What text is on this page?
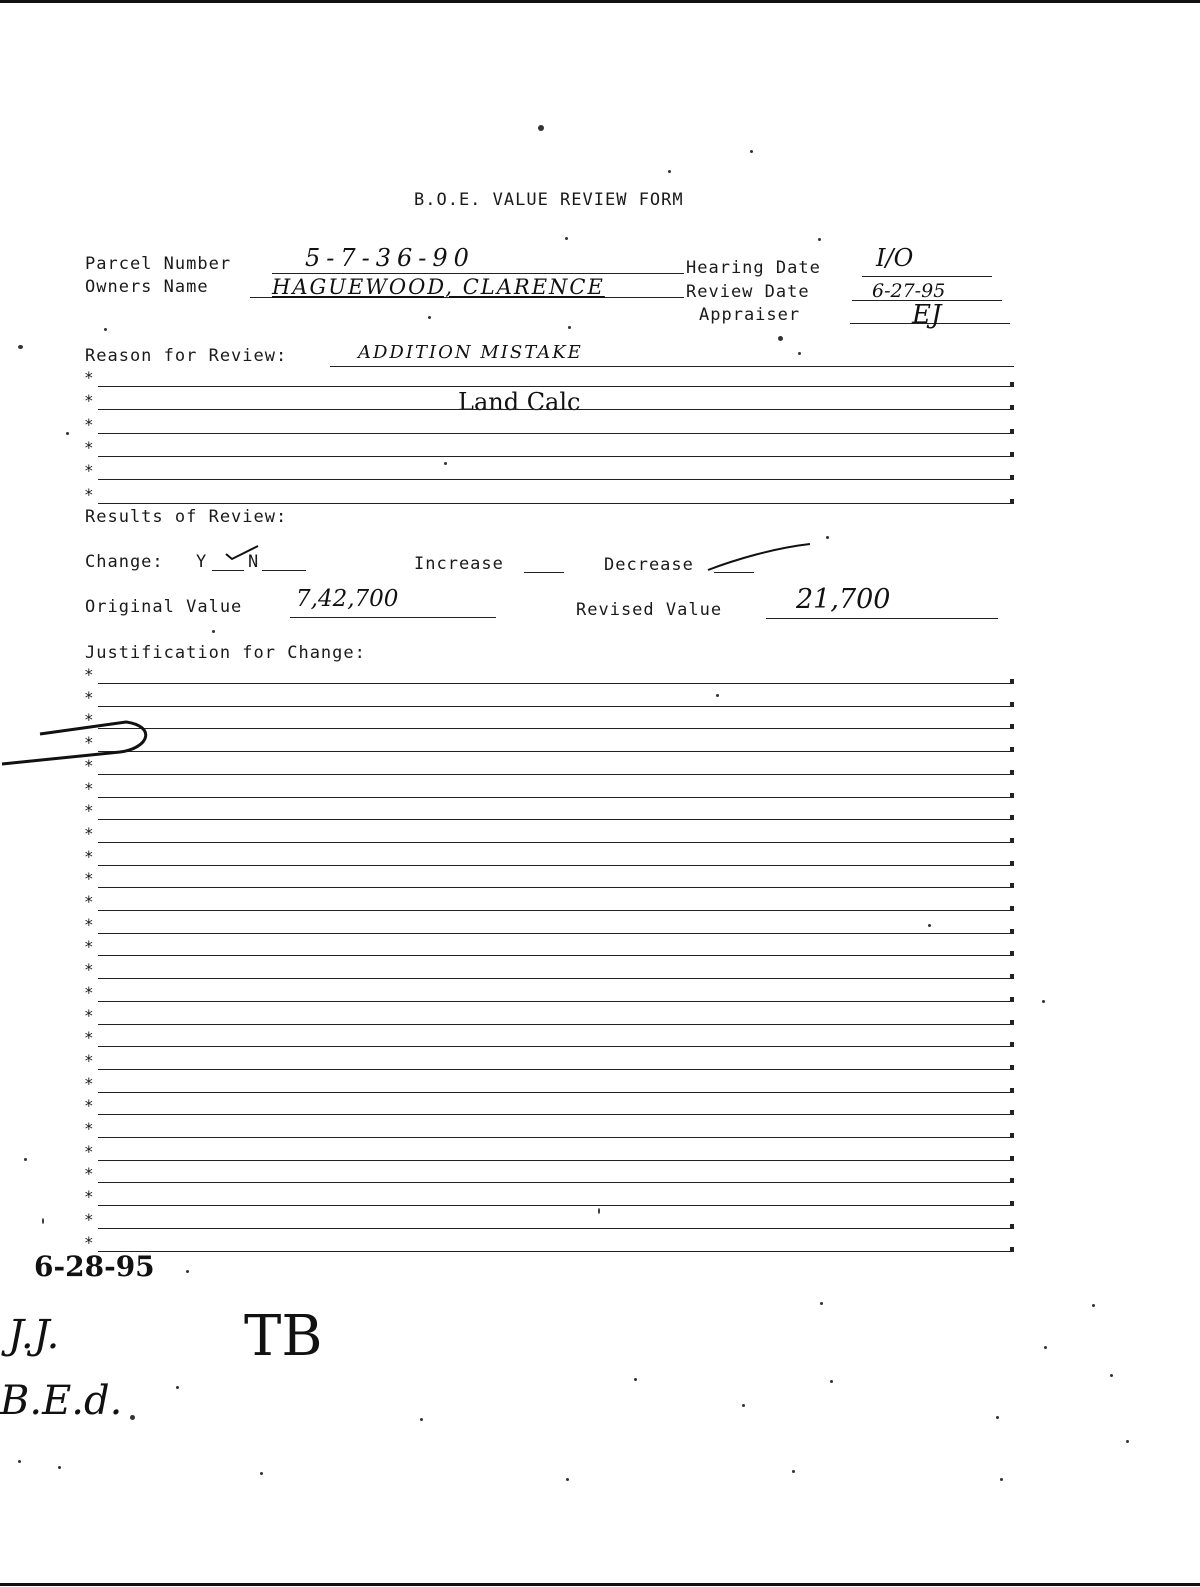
B.O.E. VALUE REVIEW FORM
Parcel Number	5-7-36-90
Owners Name	HAGUEWOOD, CLARENCE
Hearing Date I/O
Review Date	6-27-95
Appraiser	EJ
Reason for Review:	ADDITION MISTAKE
Land Calc
*
*
*
*
*
*
Results of Review:
Change: Y N	Increase	Decrease
Original Value 7,42,700	Revised Value	21,700
Justification for Change:
*
*
*
*
*
*
*
*
*
*
*
*
*
*
*
*
*
*
*
*
*
*
*
*
*
*
6-28-95
J.J.
B.E.d.
TB
